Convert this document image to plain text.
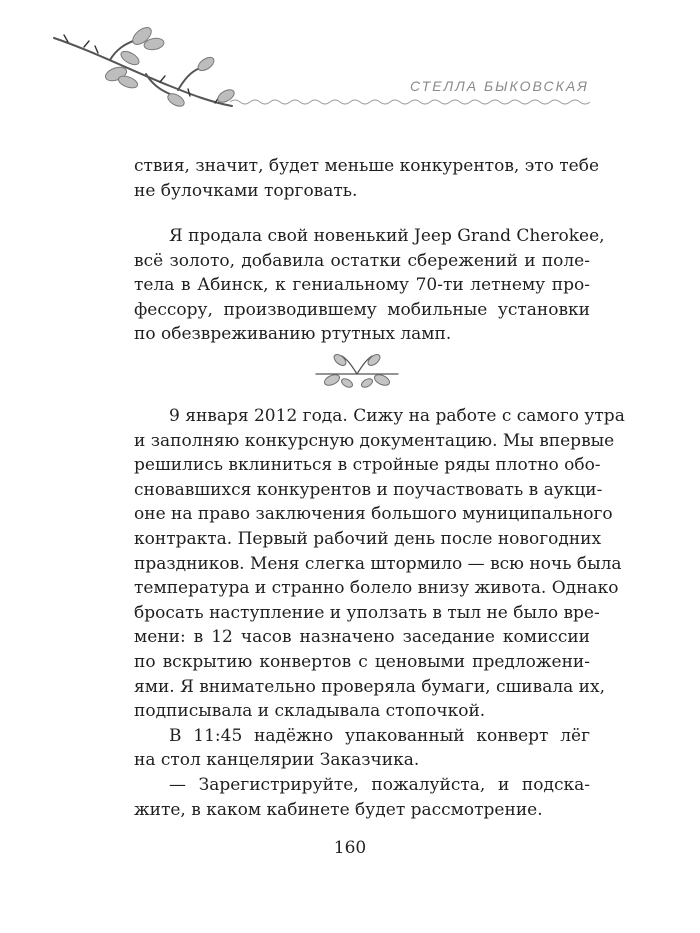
СТЕЛЛА БЫКОВСКАЯ
ствия, значит, будет меньше конкурентов, это тебе
не булочками торговать.
Я продала свой новенький Jeep Grand Cherokee,
всё золото, добавила остатки сбережений и поле-
тела в Абинск, к гениальному 70-ти летнему про-
фессору, производившему мобильные установки
по обезвреживанию ртутных ламп.
9 января 2012 года. Сижу на работе с самого утра
и заполняю конкурсную документацию. Мы впервые
решились вклиниться в стройные ряды плотно обо-
сновавшихся конкурентов и поучаствовать в аукци-
оне на право заключения большого муниципального
контракта. Первый рабочий день после новогодних
праздников. Меня слегка штормило — всю ночь была
температура и странно болело внизу живота. Однако
бросать наступление и уползать в тыл не было вре-
мени: в 12 часов назначено заседание комиссии
по вскрытию конвертов с ценовыми предложени-
ями. Я внимательно проверяла бумаги, сшивала их,
подписывала и складывала стопочкой.
В 11:45 надёжно упакованный конверт лёг
на стол канцелярии Заказчика.
— Зарегистрируйте, пожалуйста, и подска-
жите, в каком кабинете будет рассмотрение.
160
